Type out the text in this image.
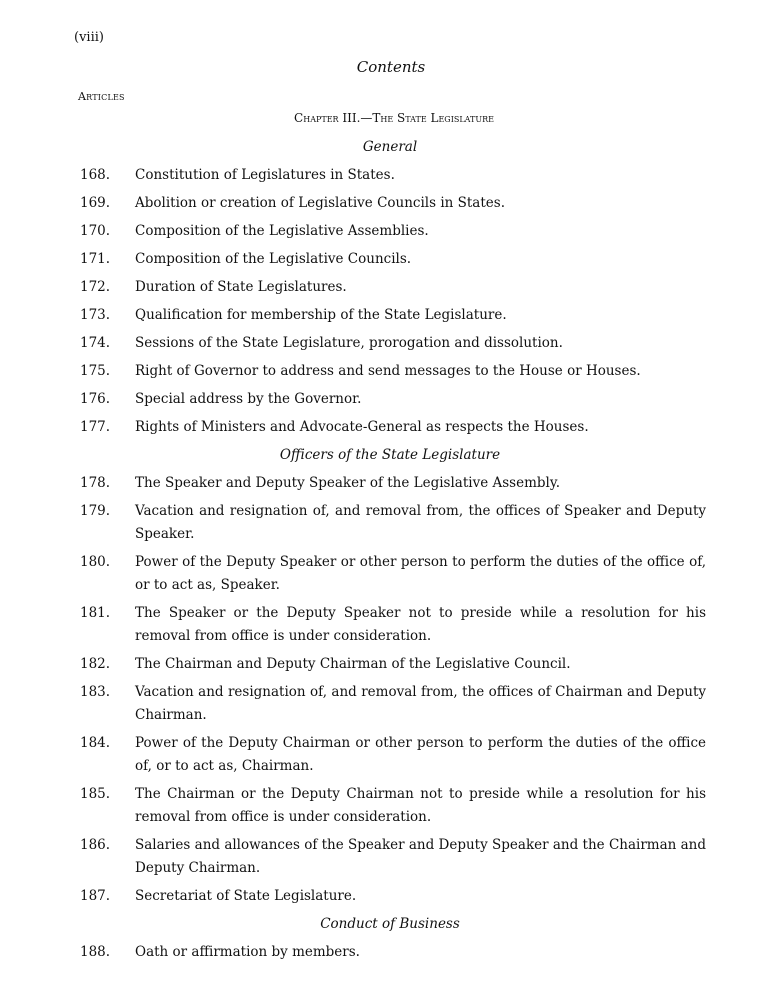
(viii)
Contents
Articles
Chapter III.—The State Legislature
General
168.	Constitution of Legislatures in States.
169.	Abolition or creation of Legislative Councils in States.
170.	Composition of the Legislative Assemblies.
171.	Composition of the Legislative Councils.
172.	Duration of State Legislatures.
173.	Qualification for membership of the State Legislature.
174.	Sessions of the State Legislature, prorogation and dissolution.
175.	Right of Governor to address and send messages to the House or Houses.
176.	Special address by the Governor.
177.	Rights of Ministers and Advocate-General as respects the Houses.
Officers of the State Legislature
178.	The Speaker and Deputy Speaker of the Legislative Assembly.
179.	Vacation and resignation of, and removal from, the offices of Speaker and Deputy Speaker.
180.	Power of the Deputy Speaker or other person to perform the duties of the office of, or to act as, Speaker.
181.	The Speaker or the Deputy Speaker not to preside while a resolution for his removal from office is under consideration.
182.	The Chairman and Deputy Chairman of the Legislative Council.
183.	Vacation and resignation of, and removal from, the offices of Chairman and Deputy Chairman.
184.	Power of the Deputy Chairman or other person to perform the duties of the office of, or to act as, Chairman.
185.	The Chairman or the Deputy Chairman not to preside while a resolution for his removal from office is under consideration.
186.	Salaries and allowances of the Speaker and Deputy Speaker and the Chairman and Deputy Chairman.
187.	Secretariat of State Legislature.
Conduct of Business
188.	Oath or affirmation by members.
